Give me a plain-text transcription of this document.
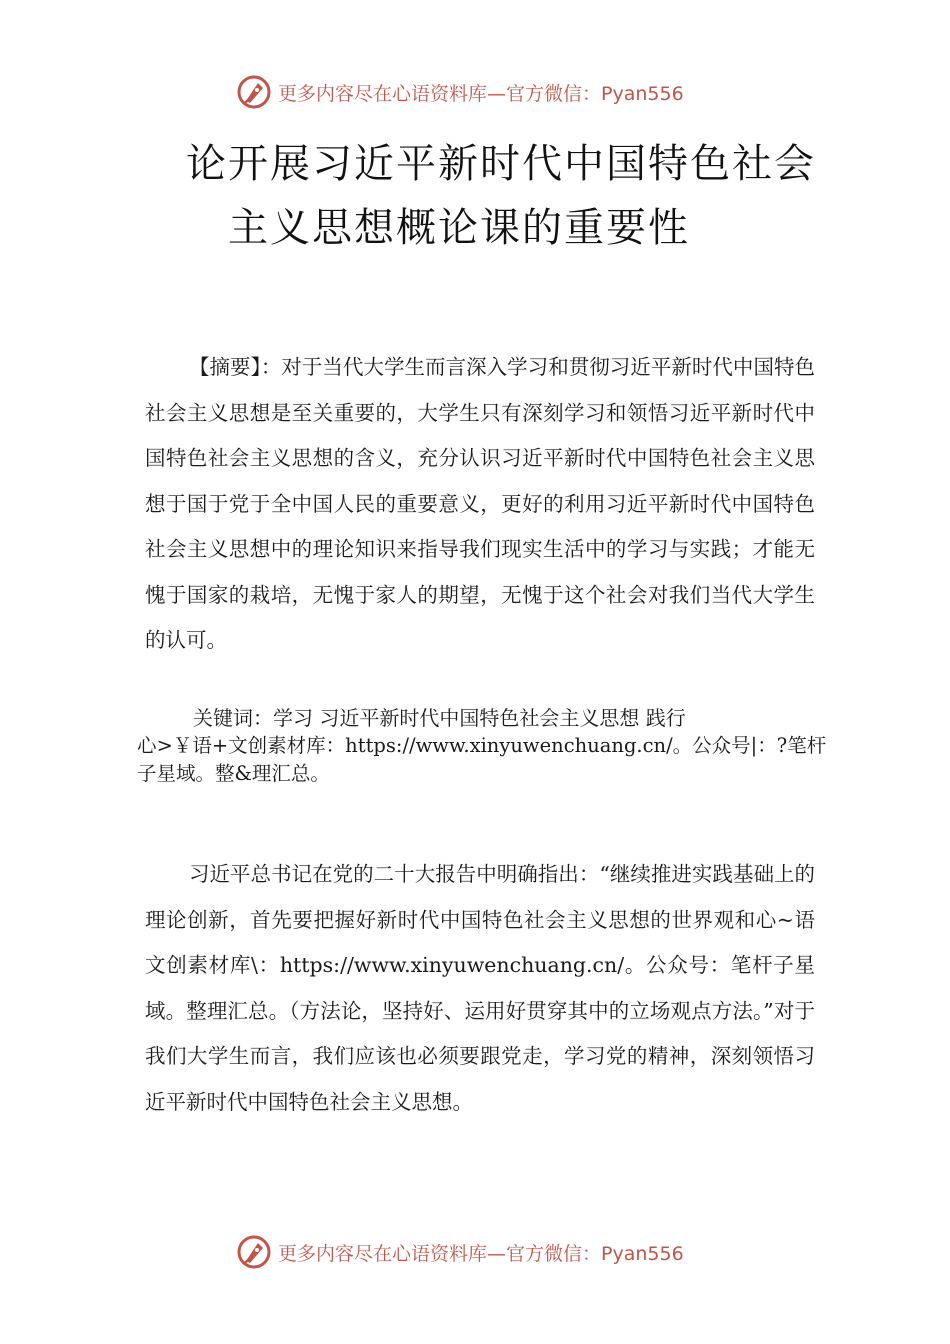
更多内容尽在心语资料库—官方微信：Pyan556
论开展习近平新时代中国特色社会
主义思想概论课的重要性

【摘要】：对于当代大学生而言深入学习和贯彻习近平新时代中国特色社会主义思想是至关重要的，大学生只有深刻学习和领悟习近平新时代中国特色社会主义思想的含义，充分认识习近平新时代中国特色社会主义思想于国于党于全中国人民的重要意义，更好的利用习近平新时代中国特色社会主义思想中的理论知识来指导我们现实生活中的学习与实践；才能无愧于国家的栽培，无愧于家人的期望，无愧于这个社会对我们当代大学生的认可。

关键词：学习 习近平新时代中国特色社会主义思想 践行

心>￥语+文创素材库：https://www.xinyuwenchuang.cn/。公众号|：?笔杆子星域。整&理汇总。

习近平总书记在党的二十大报告中明确指出：“继续推进实践基础上的理论创新，首先要把握好新时代中国特色社会主义思想的世界观和心~语文创素材库\：https://www.xinyuwenchuang.cn/。公众号：笔杆子星域。整理汇总。（方法论，坚持好、运用好贯穿其中的立场观点方法。”对于我们大学生而言，我们应该也必须要跟党走，学习党的精神，深刻领悟习近平新时代中国特色社会主义思想。

更多内容尽在心语资料库—官方微信：Pyan556
